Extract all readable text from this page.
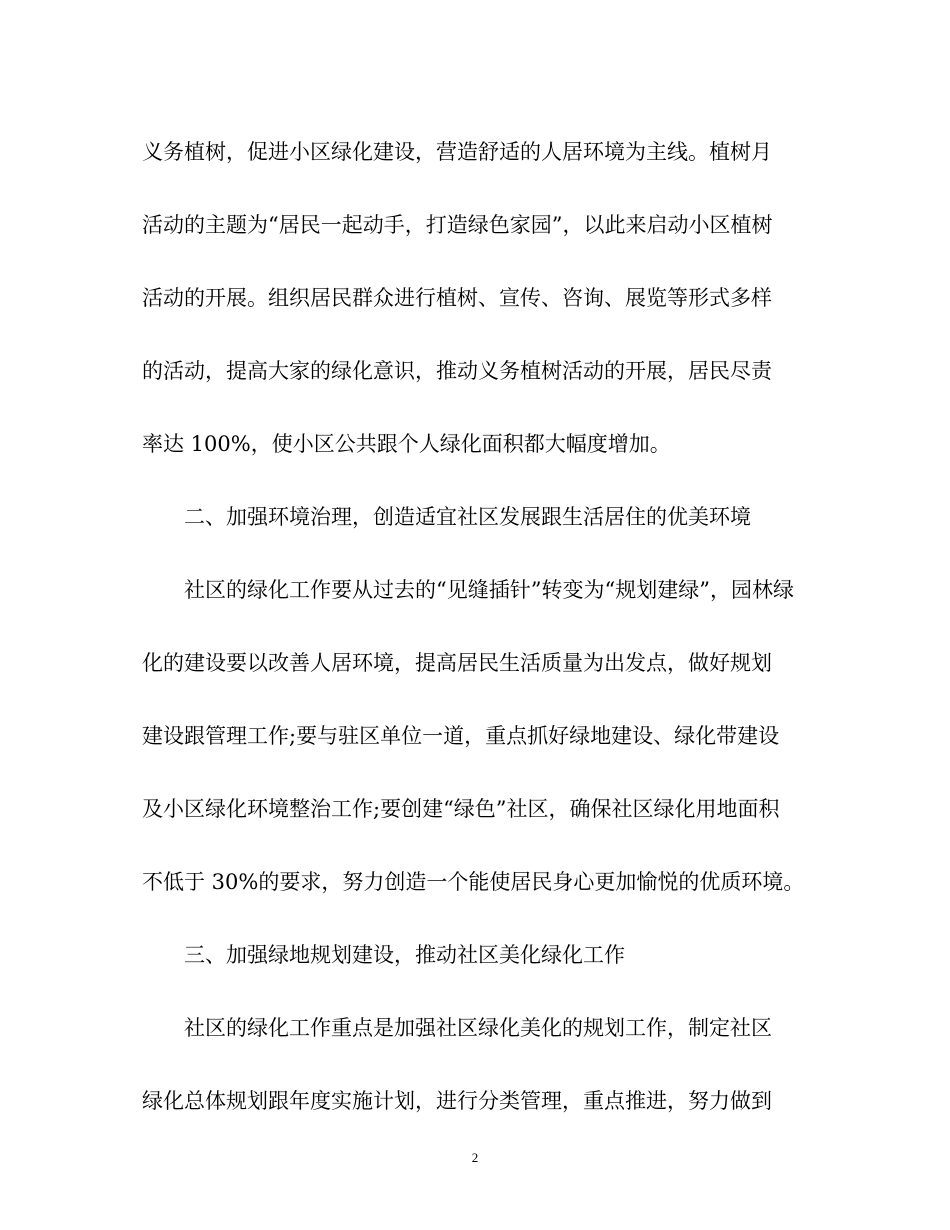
义务植树，促进小区绿化建设，营造舒适的人居环境为主线。植树月
活动的主题为“居民一起动手，打造绿色家园”，以此来启动小区植树
活动的开展。组织居民群众进行植树、宣传、咨询、展览等形式多样
的活动，提高大家的绿化意识，推动义务植树活动的开展，居民尽责
率达 100%，使小区公共跟个人绿化面积都大幅度增加。
二、加强环境治理，创造适宜社区发展跟生活居住的优美环境
社区的绿化工作要从过去的“见缝插针”转变为“规划建绿”，园林绿
化的建设要以改善人居环境，提高居民生活质量为出发点，做好规划
建设跟管理工作;要与驻区单位一道，重点抓好绿地建设、绿化带建设
及小区绿化环境整治工作;要创建“绿色”社区，确保社区绿化用地面积
不低于 30%的要求，努力创造一个能使居民身心更加愉悦的优质环境。
三、加强绿地规划建设，推动社区美化绿化工作
社区的绿化工作重点是加强社区绿化美化的规划工作，制定社区
绿化总体规划跟年度实施计划，进行分类管理，重点推进，努力做到
2
